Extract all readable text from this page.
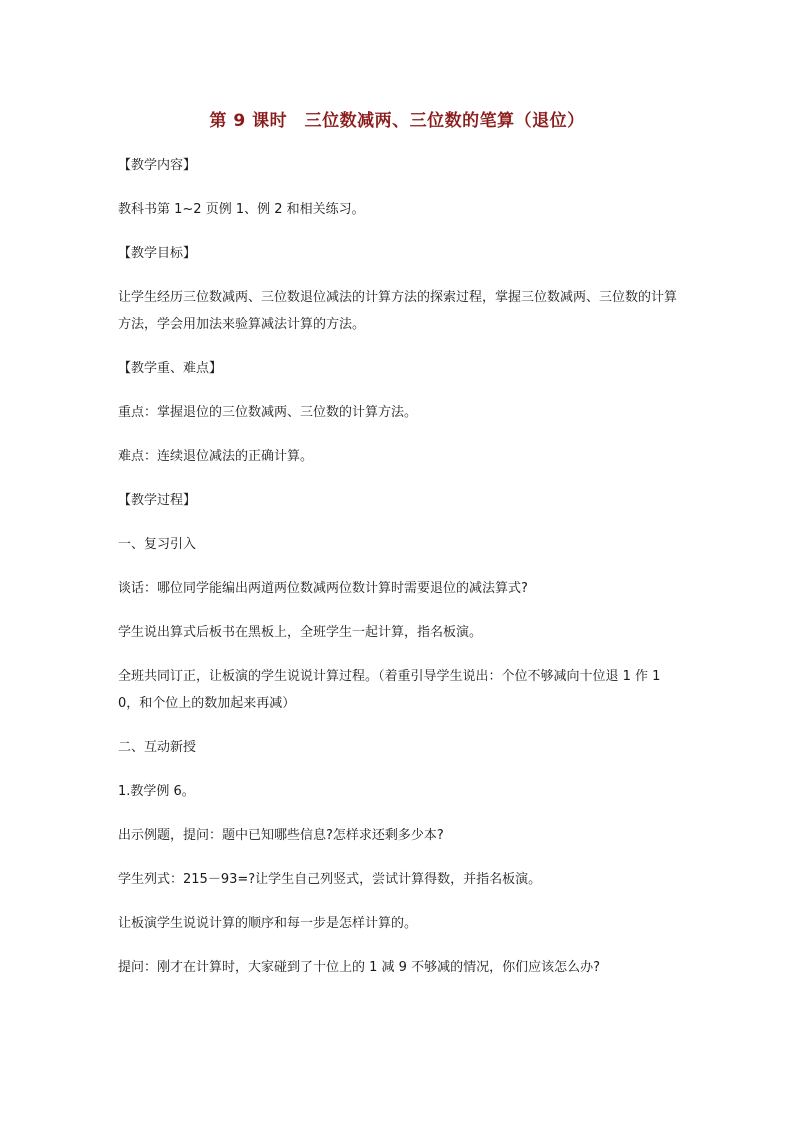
第 9 课时　三位数减两、三位数的笔算（退位）

【教学内容】

教科书第 1~2 页例 1、例 2 和相关练习。

【教学目标】

让学生经历三位数减两、三位数退位减法的计算方法的探索过程，掌握三位数减两、三位数的计算方法，学会用加法来验算减法计算的方法。

【教学重、难点】

重点：掌握退位的三位数减两、三位数的计算方法。

难点：连续退位减法的正确计算。

【教学过程】

一、复习引入

谈话：哪位同学能编出两道两位数减两位数计算时需要退位的减法算式?

学生说出算式后板书在黑板上，全班学生一起计算，指名板演。

全班共同订正，让板演的学生说说计算过程。（着重引导学生说出：个位不够减向十位退 1 作 10，和个位上的数加起来再减）

二、互动新授

1.教学例 6。

出示例题，提问：题中已知哪些信息?怎样求还剩多少本?

学生列式：215－93=?让学生自己列竖式，尝试计算得数，并指名板演。

让板演学生说说计算的顺序和每一步是怎样计算的。

提问：刚才在计算时，大家碰到了十位上的 1 减 9 不够减的情况，你们应该怎么办?
